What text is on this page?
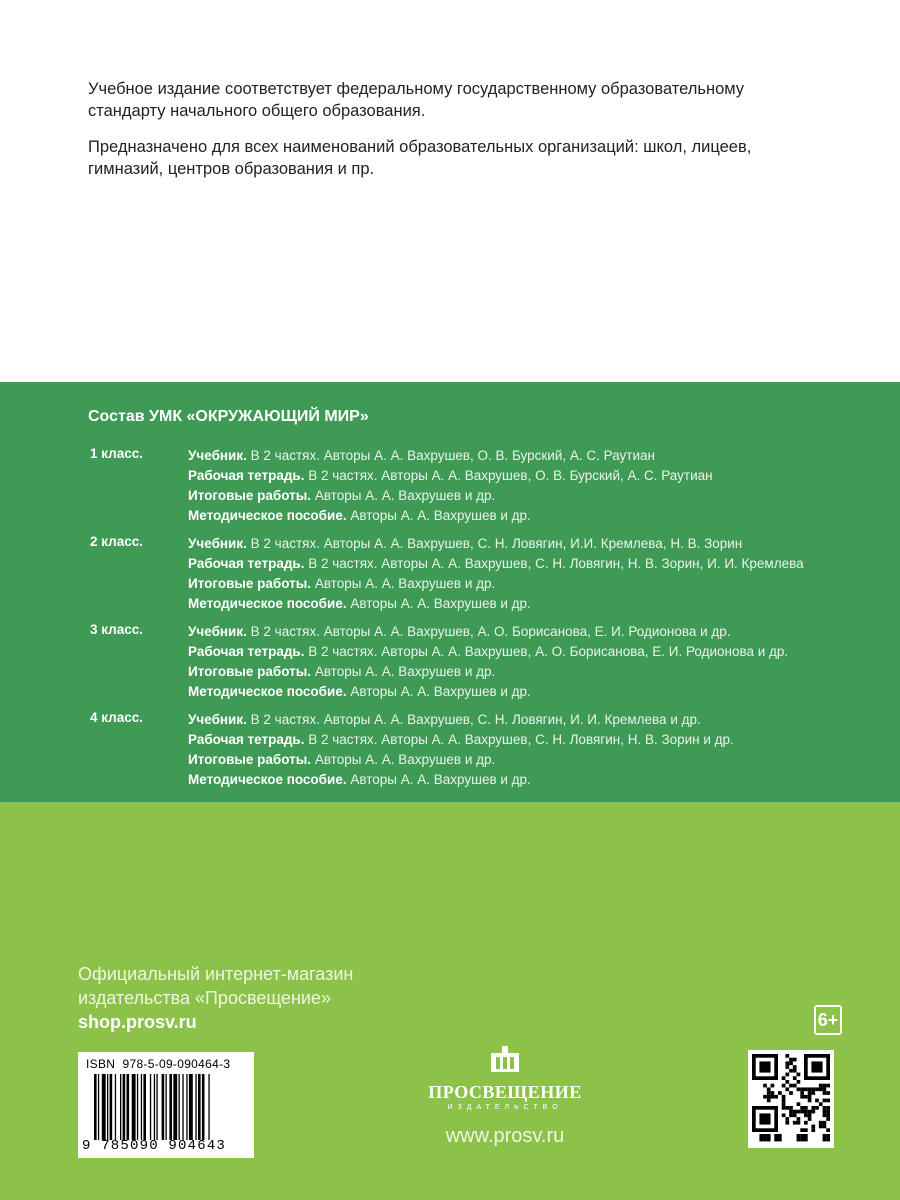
Учебное издание соответствует федеральному государственному образовательному стандарту начального общего образования.

Предназначено для всех наименований образовательных организаций: школ, лицеев, гимназий, центров образования и пр.

Состав УМК «ОКРУЖАЮЩИЙ МИР»
1 класс.	Учебник. В 2 частях. Авторы А. А. Вахрушев, О. В. Бурский, А. С. Раутиан
Рабочая тетрадь. В 2 частях. Авторы А. А. Вахрушев, О. В. Бурский, А. С. Раутиан
Итоговые работы. Авторы А. А. Вахрушев и др.
Методическое пособие. Авторы А. А. Вахрушев и др.
2 класс.	Учебник. В 2 частях. Авторы А. А. Вахрушев, С. Н. Ловягин, И.И. Кремлева, Н. В. Зорин
Рабочая тетрадь. В 2 частях. Авторы А. А. Вахрушев, С. Н. Ловягин, Н. В. Зорин, И. И. Кремлева
Итоговые работы. Авторы А. А. Вахрушев и др.
Методическое пособие. Авторы А. А. Вахрушев и др.
3 класс.	Учебник. В 2 частях. Авторы А. А. Вахрушев, А. О. Борисанова, Е. И. Родионова и др.
Рабочая тетрадь. В 2 частях. Авторы А. А. Вахрушев, А. О. Борисанова, Е. И. Родионова и др.
Итоговые работы. Авторы А. А. Вахрушев и др.
Методическое пособие. Авторы А. А. Вахрушев и др.
4 класс.	Учебник. В 2 частях. Авторы А. А. Вахрушев, С. Н. Ловягин, И. И. Кремлева и др.
Рабочая тетрадь. В 2 частях. Авторы А. А. Вахрушев, С. Н. Ловягин, Н. В. Зорин и др.
Итоговые работы. Авторы А. А. Вахрушев и др.
Методическое пособие. Авторы А. А. Вахрушев и др.
Официальный интернет-магазин
издательства «Просвещение»
shop.prosv.ru	6+
ISBN 978-5-09-090464-3
9 785090 904643
ПРОСВЕЩЕНИЕ
ИЗДАТЕЛЬСТВО
www.prosv.ru
